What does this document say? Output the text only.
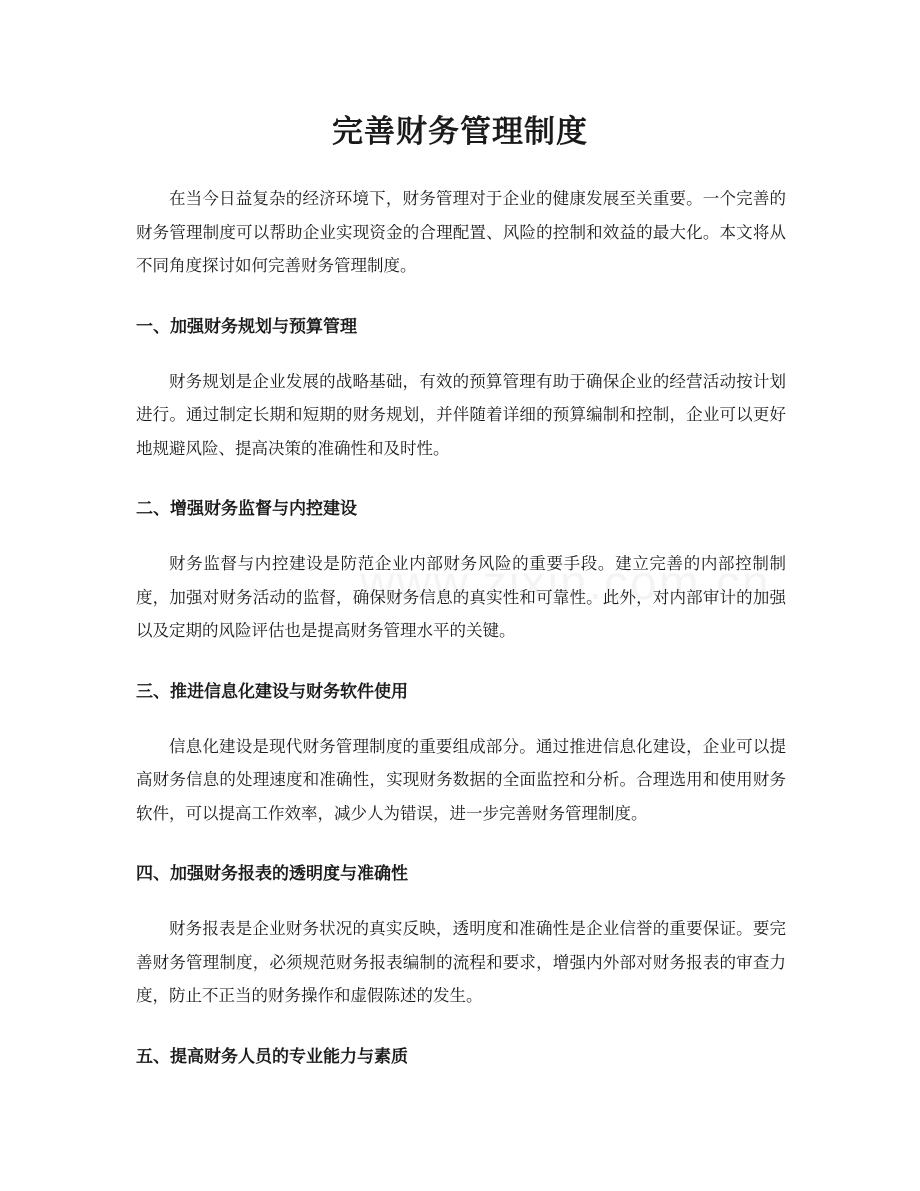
完善财务管理制度

在当今日益复杂的经济环境下，财务管理对于企业的健康发展至关重要。一个完善的财务管理制度可以帮助企业实现资金的合理配置、风险的控制和效益的最大化。本文将从不同角度探讨如何完善财务管理制度。

一、加强财务规划与预算管理

财务规划是企业发展的战略基础，有效的预算管理有助于确保企业的经营活动按计划进行。通过制定长期和短期的财务规划，并伴随着详细的预算编制和控制，企业可以更好地规避风险、提高决策的准确性和及时性。

二、增强财务监督与内控建设

财务监督与内控建设是防范企业内部财务风险的重要手段。建立完善的内部控制制度，加强对财务活动的监督，确保财务信息的真实性和可靠性。此外，对内部审计的加强以及定期的风险评估也是提高财务管理水平的关键。

三、推进信息化建设与财务软件使用

信息化建设是现代财务管理制度的重要组成部分。通过推进信息化建设，企业可以提高财务信息的处理速度和准确性，实现财务数据的全面监控和分析。合理选用和使用财务软件，可以提高工作效率，减少人为错误，进一步完善财务管理制度。

四、加强财务报表的透明度与准确性

财务报表是企业财务状况的真实反映，透明度和准确性是企业信誉的重要保证。要完善财务管理制度，必须规范财务报表编制的流程和要求，增强内外部对财务报表的审查力度，防止不正当的财务操作和虚假陈述的发生。

五、提高财务人员的专业能力与素质
